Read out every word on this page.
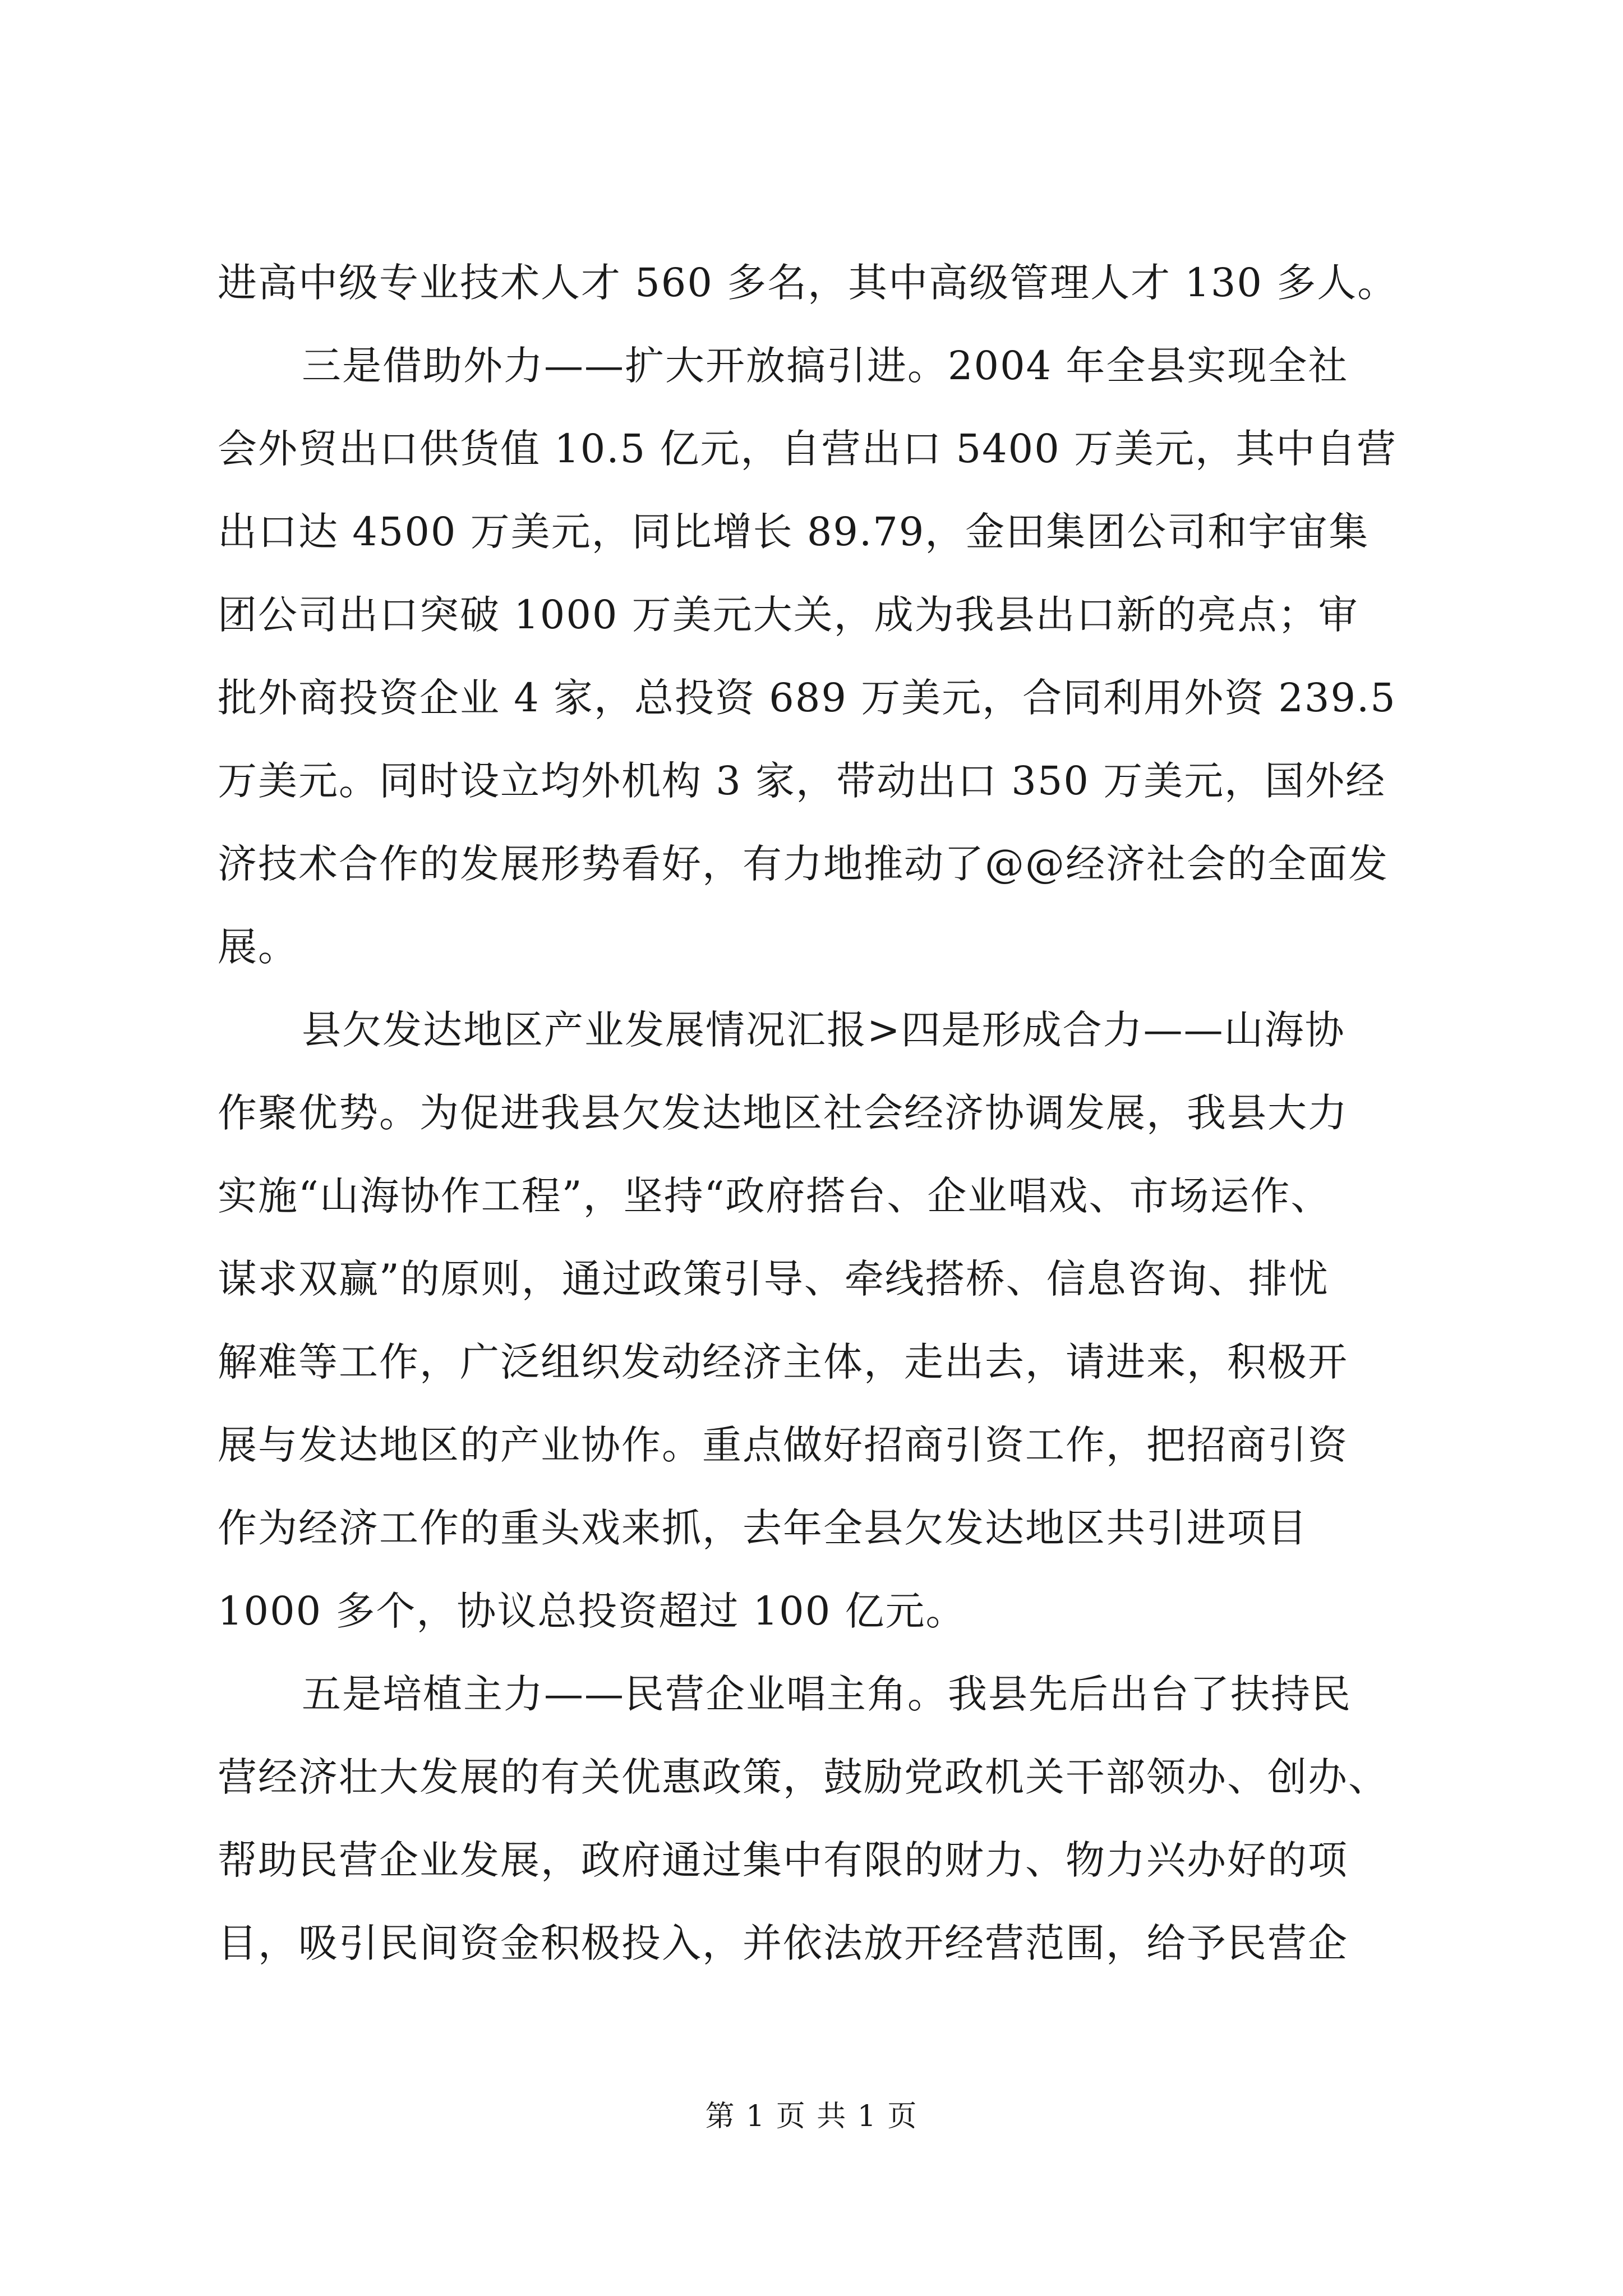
进高中级专业技术人才 560 多名，其中高级管理人才 130 多人。
三是借助外力——扩大开放搞引进。2004 年全县实现全社
会外贸出口供货值 10.5 亿元，自营出口 5400 万美元，其中自营
出口达 4500 万美元，同比增长 89.79，金田集团公司和宇宙集
团公司出口突破 1000 万美元大关，成为我县出口新的亮点；审
批外商投资企业 4 家，总投资 689 万美元，合同利用外资 239.5
万美元。同时设立均外机构 3 家，带动出口 350 万美元，国外经
济技术合作的发展形势看好，有力地推动了@@经济社会的全面发
展。
县欠发达地区产业发展情况汇报>四是形成合力——山海协
作聚优势。为促进我县欠发达地区社会经济协调发展，我县大力
实施“山海协作工程”，坚持“政府搭台、企业唱戏、市场运作、
谋求双赢”的原则，通过政策引导、牵线搭桥、信息咨询、排忧
解难等工作，广泛组织发动经济主体，走出去，请进来，积极开
展与发达地区的产业协作。重点做好招商引资工作，把招商引资
作为经济工作的重头戏来抓，去年全县欠发达地区共引进项目
1000 多个，协议总投资超过 100 亿元。
五是培植主力——民营企业唱主角。我县先后出台了扶持民
营经济壮大发展的有关优惠政策，鼓励党政机关干部领办、创办、
帮助民营企业发展，政府通过集中有限的财力、物力兴办好的项
目，吸引民间资金积极投入，并依法放开经营范围，给予民营企
第 1 页 共 1 页
